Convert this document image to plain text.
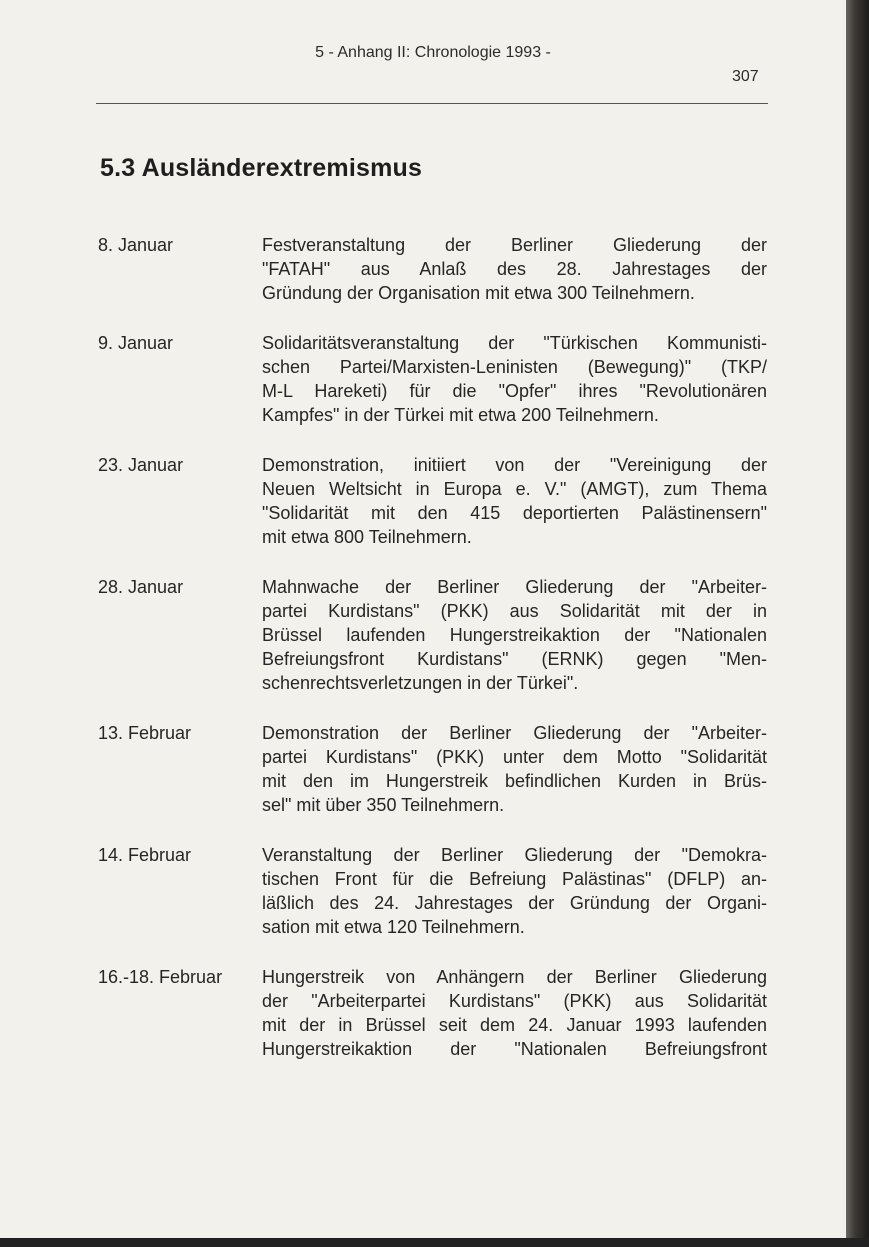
5 - Anhang II: Chronologie 1993 -
307
5.3 Ausländerextremismus
8. Januar	Festveranstaltung der Berliner Gliederung der
"FATAH" aus Anlaß des 28. Jahrestages der
Gründung der Organisation mit etwa 300 Teilnehmern.
9. Januar	Solidaritätsveranstaltung der "Türkischen Kommunisti-
schen Partei/Marxisten-Leninisten (Bewegung)" (TKP/
M-L Hareketi) für die "Opfer" ihres "Revolutionären
Kampfes" in der Türkei mit etwa 200 Teilnehmern.
23. Januar	Demonstration, initiiert von der "Vereinigung der
Neuen Weltsicht in Europa e. V." (AMGT), zum Thema
"Solidarität mit den 415 deportierten Palästinensern"
mit etwa 800 Teilnehmern.
28. Januar	Mahnwache der Berliner Gliederung der "Arbeiter-
partei Kurdistans" (PKK) aus Solidarität mit der in
Brüssel laufenden Hungerstreikaktion der "Nationalen
Befreiungsfront Kurdistans" (ERNK) gegen "Men-
schenrechtsverletzungen in der Türkei".
13. Februar	Demonstration der Berliner Gliederung der "Arbeiter-
partei Kurdistans" (PKK) unter dem Motto "Solidarität
mit den im Hungerstreik befindlichen Kurden in Brüs-
sel" mit über 350 Teilnehmern.
14. Februar	Veranstaltung der Berliner Gliederung der "Demokra-
tischen Front für die Befreiung Palästinas" (DFLP) an-
läßlich des 24. Jahrestages der Gründung der Organi-
sation mit etwa 120 Teilnehmern.
16.-18. Februar	Hungerstreik von Anhängern der Berliner Gliederung
der "Arbeiterpartei Kurdistans" (PKK) aus Solidarität
mit der in Brüssel seit dem 24. Januar 1993 laufenden
Hungerstreikaktion der "Nationalen Befreiungsfront
